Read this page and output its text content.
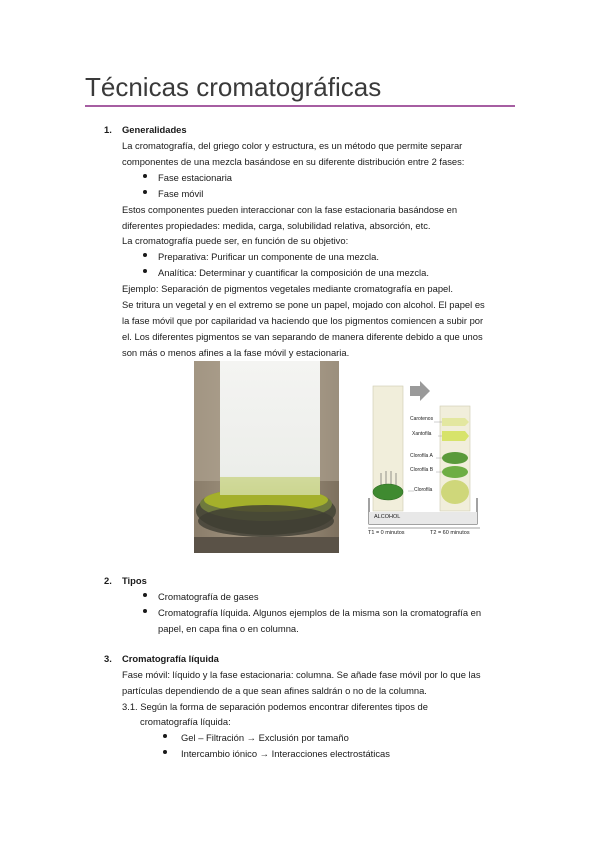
Técnicas cromatográficas
1. Generalidades
La cromatografía, del griego color y estructura, es un método que permite separar
componentes de una mezcla basándose en su diferente distribución entre 2 fases:
Fase estacionaria
Fase móvil
Estos componentes pueden interaccionar con la fase estacionaria basándose en
diferentes propiedades: medida, carga, solubilidad relativa, absorción, etc.
La cromatografía puede ser, en función de su objetivo:
Preparativa: Purificar un componente de una mezcla.
Analítica: Determinar y cuantificar la composición de una mezcla.
Ejemplo: Separación de pigmentos vegetales mediante cromatografía en papel.
Se tritura un vegetal y en el extremo se pone un papel, mojado con alcohol. El papel es
la fase móvil que por capilaridad va haciendo que los pigmentos comiencen a subir por
el. Los diferentes pigmentos se van separando de manera diferente debido a que unos
son más o menos afines a la fase móvil y estacionaria.
Carotenos
Xantofila
Clorofila A
Clorofila B
Clorofila
ALCOHOL
T1 = 0 minutos	T2 = 60 minutos
2. Tipos
Cromatografía de gases
Cromatografía líquida. Algunos ejemplos de la misma son la cromatografía en
papel, en capa fina o en columna.
3. Cromatografía líquida
Fase móvil: líquido y la fase estacionaria: columna. Se añade fase móvil por lo que las
partículas dependiendo de a que sean afines saldrán o no de la columna.
3.1. Según la forma de separación podemos encontrar diferentes tipos de
cromatografía líquida:
Gel – Filtración → Exclusión por tamaño
Intercambio iónico → Interacciones electrostáticas
